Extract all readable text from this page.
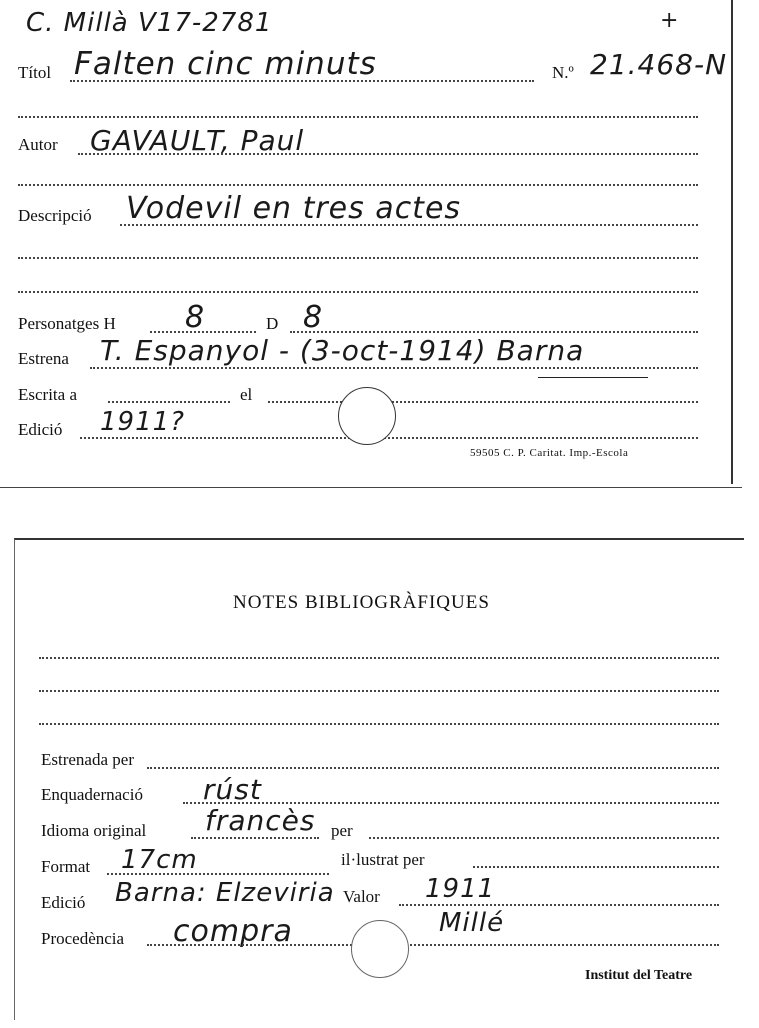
C. Millà V17-2781	+
Títol Falten cinc minuts	N.º 21.468-N
Autor GAVAULT, Paul
Descripció Vodevil en tres actes
Personatges H 8	D 8
Estrena T. Espanyol - (3-oct-1914) Barna
Escrita a	el
Edició 1911?
59505 C. P. Caritat. Imp.-Escola
NOTES BIBLIOGRÀFIQUES
Estrenada per
Enquadernació rúst
Idioma original francès per
Format 17cm	il·lustrat per
Edició Barna: Elzeviria Valor 1911
Procedència compra	Millé
Institut del Teatre
